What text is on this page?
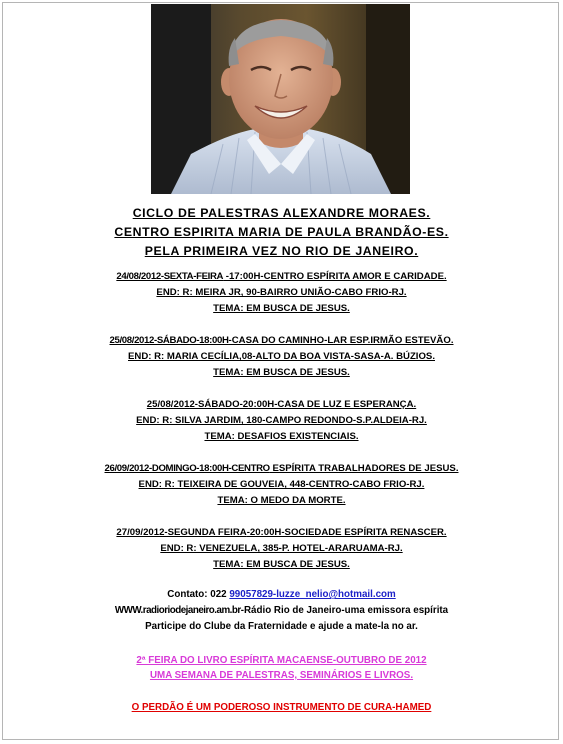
CICLO DE PALESTRAS ALEXANDRE MORAES.
CENTRO ESPIRITA MARIA DE PAULA BRANDÃO-ES.
PELA PRIMEIRA VEZ NO RIO DE JANEIRO.
24/08/2012-SEXTA-FEIRA -17:00H-CENTRO ESPÍRITA AMOR E CARIDADE.
END: R: MEIRA JR, 90-BAIRRO UNIÃO-CABO FRIO-RJ.
TEMA: EM BUSCA DE JESUS.
25/08/2012-SÁBADO-18:00H-CASA DO CAMINHO-LAR ESP.IRMÃO ESTEVÃO.
END: R: MARIA CECÍLIA,08-ALTO DA BOA VISTA-SASA-A. BÚZIOS.
TEMA: EM BUSCA DE JESUS.
25/08/2012-SÁBADO-20:00H-CASA DE LUZ E ESPERANÇA.
END: R: SILVA JARDIM, 180-CAMPO REDONDO-S.P.ALDEIA-RJ.
TEMA: DESAFIOS EXISTENCIAIS.
26/09/2012-DOMINGO-18:00H-CENTRO ESPÍRITA TRABALHADORES DE JESUS.
END: R: TEIXEIRA DE GOUVEIA, 448-CENTRO-CABO FRIO-RJ.
TEMA: O MEDO DA MORTE.
27/09/2012-SEGUNDA FEIRA-20:00H-SOCIEDADE ESPÍRITA RENASCER.
END: R: VENEZUELA, 385-P. HOTEL-ARARUAMA-RJ.
TEMA: EM BUSCA DE JESUS.
Contato: 022 99057829-luzze_nelio@hotmail.com
WWW.radioriodejaneiro.am.br-Rádio Rio de Janeiro-uma emissora espírita
Participe do Clube da Fraternidade e ajude a mate-la no ar.
2ª FEIRA DO LIVRO ESPÍRITA MACAENSE-OUTUBRO DE 2012
UMA SEMANA DE PALESTRAS, SEMINÁRIOS E LIVROS.
O PERDÃO É UM PODEROSO INSTRUMENTO DE CURA-HAMED
